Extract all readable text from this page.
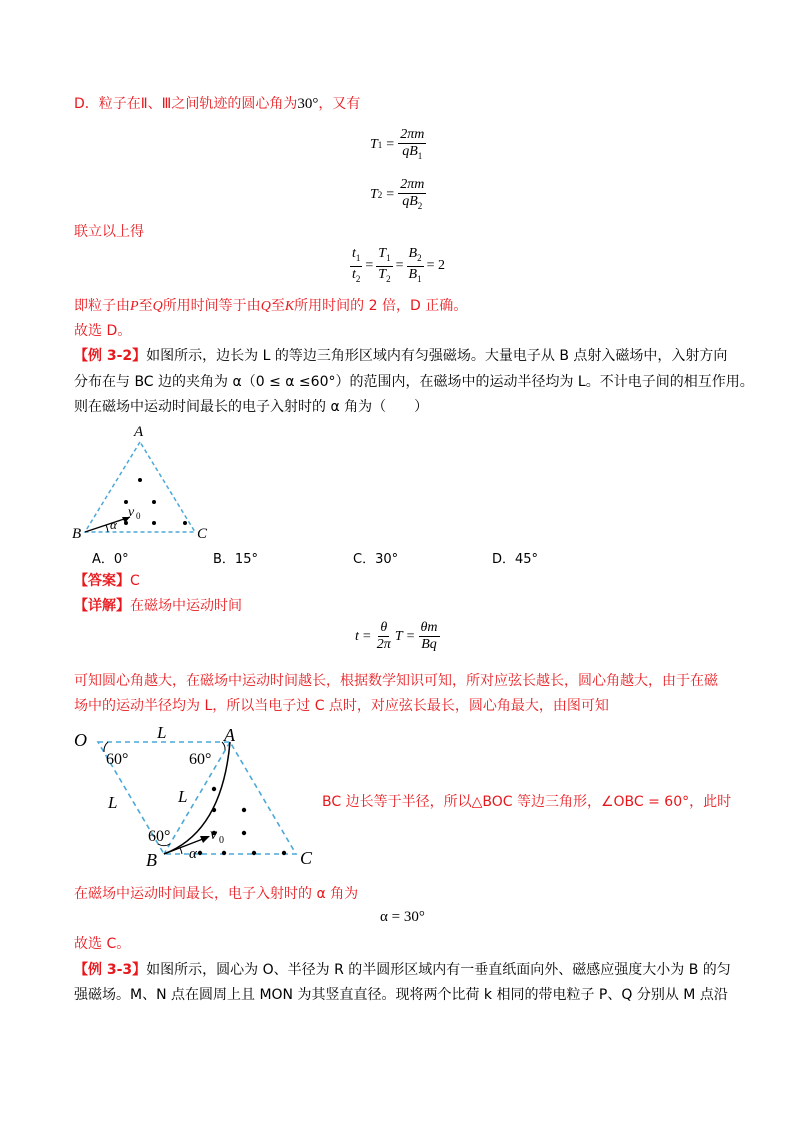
D．粒子在Ⅱ、Ⅲ之间轨迹的圆心角为30°，又有
T $1 = \frac{2\pi m}{qB_1}$
T $2 = \frac{2\pi m}{qB_2}$
联立以上得
$\frac{t_1}{t_2} = \frac{T_1}{T_2} = \frac{B_2}{B_1} = 2$
即粒子由P至Q所用时间等于由Q至K所用时间的 2 倍，D 正确。
故选 D。
【例 3-2】如图所示，边长为 L 的等边三角形区域内有匀强磁场。大量电子从 B 点射入磁场中，入射方向
分布在与 BC 边的夹角为 α（0 ≤ α ≤60°）的范围内，在磁场中的运动半径均为 L。不计电子间的相互作用。
则在磁场中运动时间最长的电子入射时的 α 角为（　　）
A
B	C
α
v 0
A．0°	B．15°	C．30°	D．45°
【答案】C
【详解】在磁场中运动时间
$t = \frac{\theta}{2\pi}$ $T = \frac{\theta m}{Bq}$
可知圆心角越大，在磁场中运动时间越长，根据数学知识可知，所对应弦长越长，圆心角越大，由于在磁
场中的运动半径均为 L，所以当电子过 C 点时，对应弦长最长，圆心角最大，由图可知
O	A
B	C
L
L	L
60°	60°
60°
α
v 0
BC 边长等于半径，所以△BOC 等边三角形，∠OBC = 60°，此时
在磁场中运动时间最长，电子入射时的 α 角为
α = 30°
故选 C。
【例 3-3】如图所示，圆心为 O、半径为 R 的半圆形区域内有一垂直纸面向外、磁感应强度大小为 B 的匀
强磁场。M、N 点在圆周上且 MON 为其竖直直径。现将两个比荷 k 相同的带电粒子 P、Q 分别从 M 点沿
